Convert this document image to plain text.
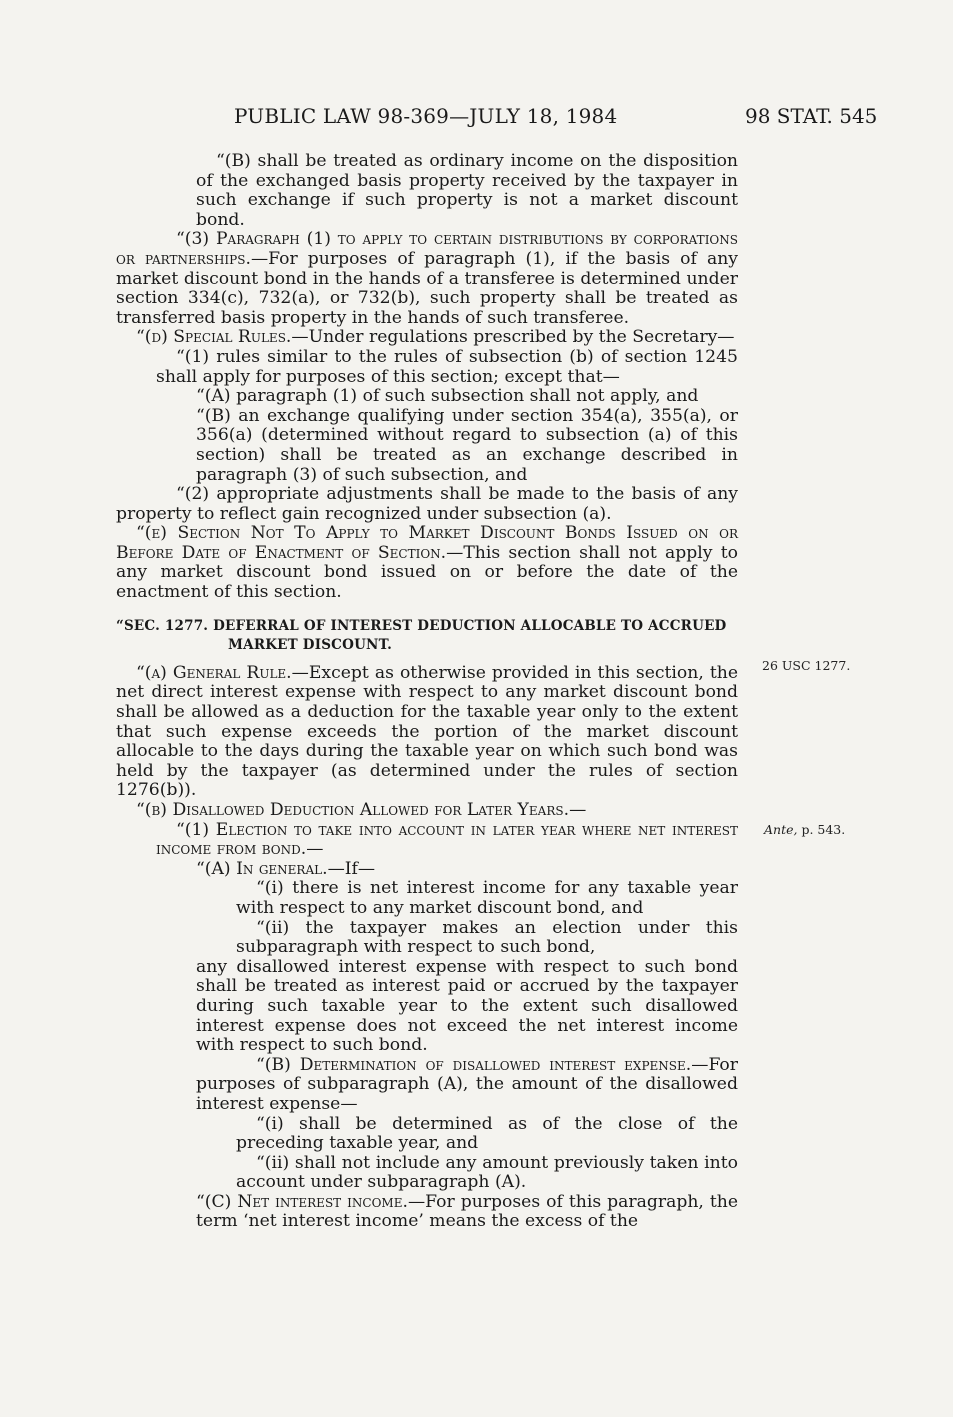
PUBLIC LAW 98-369—JULY 18, 1984	98 STAT. 545

“(B) shall be treated as ordinary income on the disposition of the exchanged basis property received by the taxpayer in such exchange if such property is not a market discount bond.

“(3) Paragraph (1) to apply to certain distributions by corporations or partnerships.—For purposes of paragraph (1), if the basis of any market discount bond in the hands of a transferee is determined under section 334(c), 732(a), or 732(b), such property shall be treated as transferred basis property in the hands of such transferee.

“(d) Special Rules.—Under regulations prescribed by the Secretary—

“(1) rules similar to the rules of subsection (b) of section 1245 shall apply for purposes of this section; except that—

“(A) paragraph (1) of such subsection shall not apply, and

“(B) an exchange qualifying under section 354(a), 355(a), or 356(a) (determined without regard to subsection (a) of this section) shall be treated as an exchange described in paragraph (3) of such subsection, and

“(2) appropriate adjustments shall be made to the basis of any property to reflect gain recognized under subsection (a).

“(e) Section Not To Apply to Market Discount Bonds Issued on or Before Date of Enactment of Section.—This section shall not apply to any market discount bond issued on or before the date of the enactment of this section.

“SEC. 1277. DEFERRAL OF INTEREST DEDUCTION ALLOCABLE TO ACCRUED MARKET DISCOUNT.

“(a) General Rule.—Except as otherwise provided in this section, the net direct interest expense with respect to any market discount bond shall be allowed as a deduction for the taxable year only to the extent that such expense exceeds the portion of the market discount allocable to the days during the taxable year on which such bond was held by the taxpayer (as determined under the rules of section 1276(b)).

“(b) Disallowed Deduction Allowed for Later Years.—

“(1) Election to take into account in later year where net interest income from bond.—

“(A) In general.—If—

“(i) there is net interest income for any taxable year with respect to any market discount bond, and

“(ii) the taxpayer makes an election under this subparagraph with respect to such bond,

any disallowed interest expense with respect to such bond shall be treated as interest paid or accrued by the taxpayer during such taxable year to the extent such disallowed interest expense does not exceed the net interest income with respect to such bond.

“(B) Determination of disallowed interest expense.—For purposes of subparagraph (A), the amount of the disallowed interest expense—

“(i) shall be determined as of the close of the preceding taxable year, and

“(ii) shall not include any amount previously taken into account under subparagraph (A).

“(C) Net interest income.—For purposes of this paragraph, the term ‘net interest income’ means the excess of the

26 USC 1277.
Ante, p. 543.
